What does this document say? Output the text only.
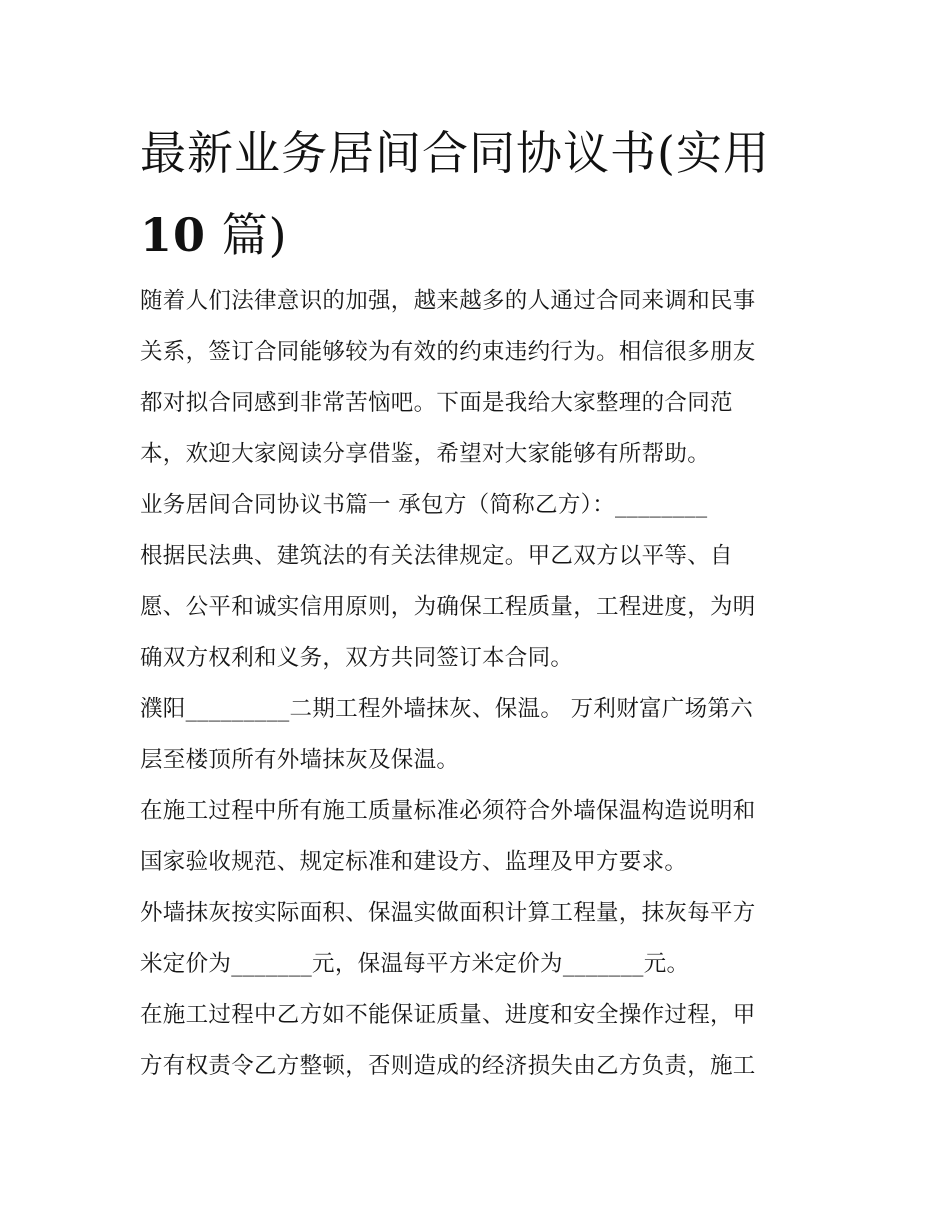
最新业务居间合同协议书(实用
10 篇)
随着人们法律意识的加强，越来越多的人通过合同来调和民事
关系，签订合同能够较为有效的约束违约行为。相信很多朋友
都对拟合同感到非常苦恼吧。下面是我给大家整理的合同范
本，欢迎大家阅读分享借鉴，希望对大家能够有所帮助。
业务居间合同协议书篇一 承包方（简称乙方）：________
根据民法典、建筑法的有关法律规定。甲乙双方以平等、自
愿、公平和诚实信用原则，为确保工程质量，工程进度，为明
确双方权利和义务，双方共同签订本合同。
濮阳_________二期工程外墙抹灰、保温。 万利财富广场第六
层至楼顶所有外墙抹灰及保温。
在施工过程中所有施工质量标准必须符合外墙保温构造说明和
国家验收规范、规定标准和建设方、监理及甲方要求。
外墙抹灰按实际面积、保温实做面积计算工程量，抹灰每平方
米定价为_______元，保温每平方米定价为_______元。
在施工过程中乙方如不能保证质量、进度和安全操作过程，甲
方有权责令乙方整顿，否则造成的经济损失由乙方负责，施工
